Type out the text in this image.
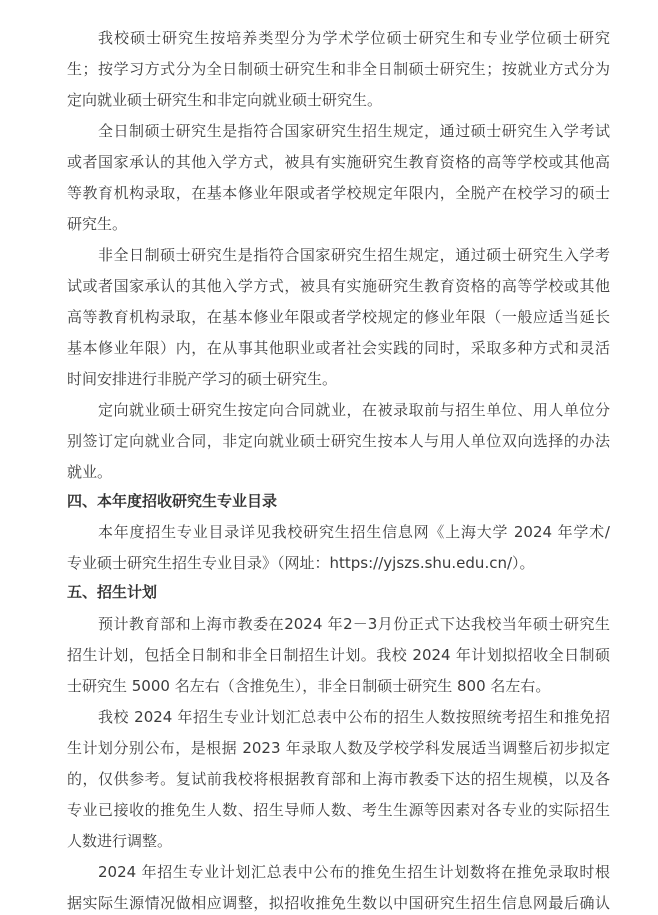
我校硕士研究生按培养类型分为学术学位硕士研究生和专业学位硕士研究
生；按学习方式分为全日制硕士研究生和非全日制硕士研究生；按就业方式分为
定向就业硕士研究生和非定向就业硕士研究生。
全日制硕士研究生是指符合国家研究生招生规定，通过硕士研究生入学考试
或者国家承认的其他入学方式，被具有实施研究生教育资格的高等学校或其他高
等教育机构录取，在基本修业年限或者学校规定年限内，全脱产在校学习的硕士
研究生。
非全日制硕士研究生是指符合国家研究生招生规定，通过硕士研究生入学考
试或者国家承认的其他入学方式，被具有实施研究生教育资格的高等学校或其他
高等教育机构录取，在基本修业年限或者学校规定的修业年限（一般应适当延长
基本修业年限）内，在从事其他职业或者社会实践的同时，采取多种方式和灵活
时间安排进行非脱产学习的硕士研究生。
定向就业硕士研究生按定向合同就业，在被录取前与招生单位、用人单位分
别签订定向就业合同，非定向就业硕士研究生按本人与用人单位双向选择的办法
就业。
四、本年度招收研究生专业目录
本年度招生专业目录详见我校研究生招生信息网《上海大学 2024 年学术/
专业硕士研究生招生专业目录》（网址：https://yjszs.shu.edu.cn/）。
五、招生计划
预计教育部和上海市教委在2024 年2－3月份正式下达我校当年硕士研究生
招生计划，包括全日制和非全日制招生计划。我校 2024 年计划拟招收全日制硕
士研究生 5000 名左右（含推免生），非全日制硕士研究生 800 名左右。
我校 2024 年招生专业计划汇总表中公布的招生人数按照统考招生和推免招
生计划分别公布，是根据 2023 年录取人数及学校学科发展适当调整后初步拟定
的，仅供参考。复试前我校将根据教育部和上海市教委下达的招生规模，以及各
专业已接收的推免生人数、招生导师人数、考生生源等因素对各专业的实际招生
人数进行调整。
2024 年招生专业计划汇总表中公布的推免生招生计划数将在推免录取时根
据实际生源情况做相应调整，拟招收推免生数以中国研究生招生信息网最后确认
